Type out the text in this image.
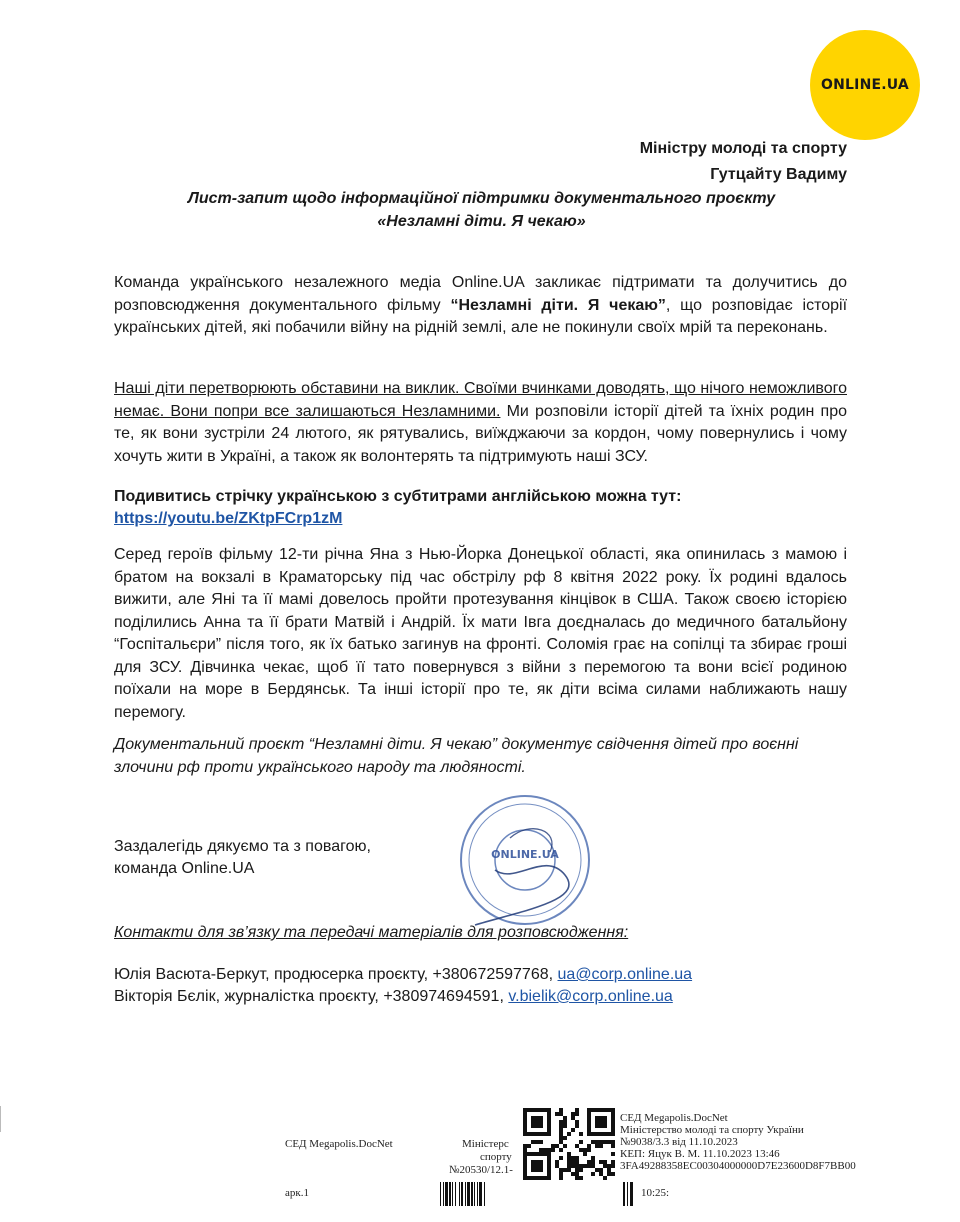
ONLINE.UA
Міністру молоді та спорту
Гутцайту Вадиму
Лист-запит щодо інформаційної підтримки документального проєкту
«Незламні діти. Я чекаю»
Команда українського незалежного медіа Online.UA закликає підтримати та долучитись до розповсюдження документального фільму “Незламні діти. Я чекаю”, що розповідає історії українських дітей, які побачили війну на рідній землі, але не покинули своїх мрій та переконань.
Наші діти перетворюють обставини на виклик. Своїми вчинками доводять, що нічого неможливого немає. Вони попри все залишаються Незламними. Ми розповіли історії дітей та їхніх родин про те, як вони зустріли 24 лютого, як рятувались, виїжджаючи за кордон, чому повернулись і чому хочуть жити в Україні, а також як волонтерять та підтримують наші ЗСУ.
Подивитись стрічку українською з субтитрами англійською можна тут:
https://youtu.be/ZKtpFCrp1zM
Серед героїв фільму 12-ти річна Яна з Нью-Йорка Донецької області, яка опинилась з мамою і братом на вокзалі в Краматорську під час обстрілу рф 8 квітня 2022 року. Їх родині вдалось вижити, але Яні та її мамі довелось пройти протезування кінцівок в США. Також своєю історією поділились Анна та її брати Матвій і Андрій. Їх мати Івга доєдналась до медичного батальйону “Госпітальєри” після того, як їх батько загинув на фронті. Соломія грає на сопілці та збирає гроші для ЗСУ. Дівчинка чекає, щоб її тато повернувся з війни з перемогою та вони всієї родиною поїхали на море в Бердянськ. Та інші історії про те, як діти всіма силами наближають нашу перемогу.
Документальний проєкт “Незламні діти. Я чекаю” документує свідчення дітей про воєнні злочини рф проти українського народу та людяності.
Заздалегідь дякуємо та з повагою,
команда Online.UA
ONLINE.UA
Контакти для зв’язку та передачі матеріалів для розповсюдження:
Юлія Васюта-Беркут, продюсерка проєкту, +380672597768, ua@corp.online.ua
Вікторія Бєлік, журналістка проєкту, +380974694591, v.bielik@corp.online.ua
СЕД Megapolis.DocNet
арк.1
Міністерс
спорту
№20530/12.1-
СЕД Megapolis.DocNet
Міністерство молоді та спорту України
№9038/3.3 від 11.10.2023
КЕП: Яцук В. М. 11.10.2023 13:46
3FA49288358EC00304000000D7E23600D8F7BB00
10:25:
